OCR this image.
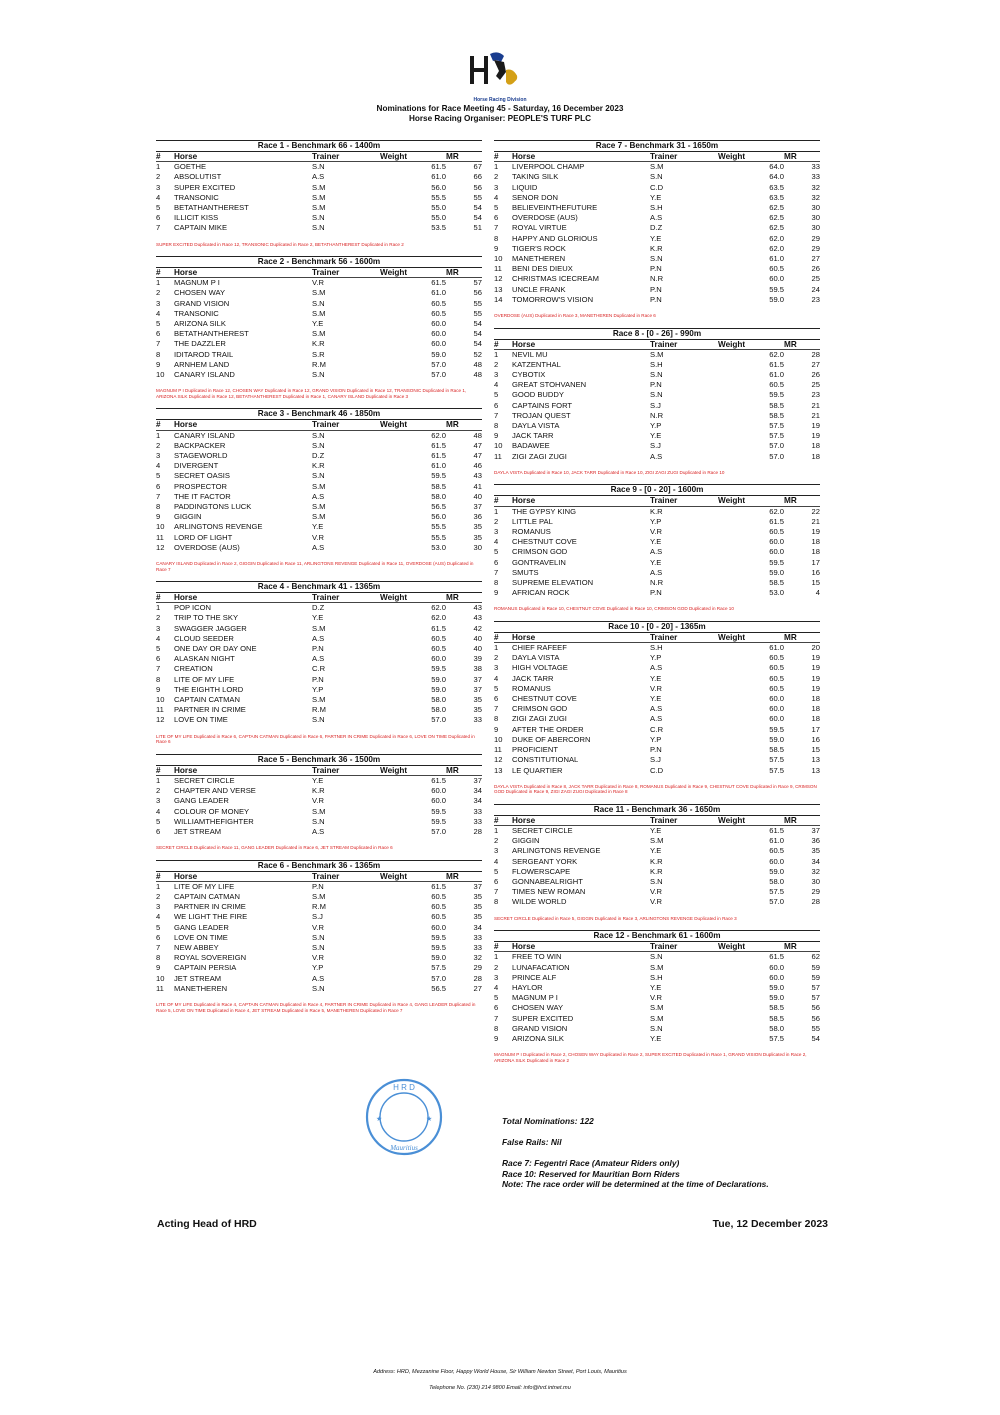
D
Horse Racing Division
Nominations for Race Meeting 45 - Saturday, 16 December 2023
Horse Racing Organiser: PEOPLE'S TURF PLC
Race 1 - Benchmark 66 - 1400m
#	Horse	Trainer	Weight	MR
1	GOETHE	S.N	61.5	67
2	ABSOLUTIST	A.S	61.0	66
3	SUPER EXCITED	S.M	56.0	56
4	TRANSONIC	S.M	55.5	55
5	BETATHANTHEREST	S.M	55.0	54
6	ILLICIT KISS	S.N	55.0	54
7	CAPTAIN MIKE	S.N	53.5	51
SUPER EXCITED Duplicated in Race 12, TRANSONIC Duplicated in Race 2, BETATHANTHEREST Duplicated in Race 2
Race 2 - Benchmark 56 - 1600m
#	Horse	Trainer	Weight	MR
1	MAGNUM P I	V.R	61.5	57
2	CHOSEN WAY	S.M	61.0	56
3	GRAND VISION	S.N	60.5	55
4	TRANSONIC	S.M	60.5	55
5	ARIZONA SILK	Y.E	60.0	54
6	BETATHANTHEREST	S.M	60.0	54
7	THE DAZZLER	K.R	60.0	54
8	IDITAROD TRAIL	S.R	59.0	52
9	ARNHEM LAND	R.M	57.0	48
10	CANARY ISLAND	S.N	57.0	48
MAGNUM P I Duplicated in Race 12, CHOSEN WAY Duplicated in Race 12, GRAND VISION Duplicated in Race 12, TRANSONIC Duplicated in Race 1, ARIZONA SILK Duplicated in Race 12, BETATHANTHEREST Duplicated in Race 1, CANARY ISLAND Duplicated in Race 3
Race 3 - Benchmark 46 - 1850m
#	Horse	Trainer	Weight	MR
1	CANARY ISLAND	S.N	62.0	48
2	BACKPACKER	S.N	61.5	47
3	STAGEWORLD	D.Z	61.5	47
4	DIVERGENT	K.R	61.0	46
5	SECRET OASIS	S.N	59.5	43
6	PROSPECTOR	S.M	58.5	41
7	THE IT FACTOR	A.S	58.0	40
8	PADDINGTONS LUCK	S.M	56.5	37
9	GIGGIN	S.M	56.0	36
10	ARLINGTONS REVENGE	Y.E	55.5	35
11	LORD OF LIGHT	V.R	55.5	35
12	OVERDOSE (AUS)	A.S	53.0	30
CANARY ISLAND Duplicated in Race 2, GIGGIN Duplicated in Race 11, ARLINGTONS REVENGE Duplicated in Race 11, OVERDOSE (AUS) Duplicated in Race 7
Race 4 - Benchmark 41 - 1365m
#	Horse	Trainer	Weight	MR
1	POP ICON	D.Z	62.0	43
2	TRIP TO THE SKY	Y.E	62.0	43
3	SWAGGER JAGGER	S.M	61.5	42
4	CLOUD SEEDER	A.S	60.5	40
5	ONE DAY OR DAY ONE	P.N	60.5	40
6	ALASKAN NIGHT	A.S	60.0	39
7	CREATION	C.R	59.5	38
8	LITE OF MY LIFE	P.N	59.0	37
9	THE EIGHTH LORD	Y.P	59.0	37
10	CAPTAIN CATMAN	S.M	58.0	35
11	PARTNER IN CRIME	R.M	58.0	35
12	LOVE ON TIME	S.N	57.0	33
LITE OF MY LIFE Duplicated in Race 6, CAPTAIN CATMAN Duplicated in Race 6, PARTNER IN CRIME Duplicated in Race 6, LOVE ON TIME Duplicated in Race 6
Race 5 - Benchmark 36 - 1500m
#	Horse	Trainer	Weight	MR
1	SECRET CIRCLE	Y.E	61.5	37
2	CHAPTER AND VERSE	K.R	60.0	34
3	GANG LEADER	V.R	60.0	34
4	COLOUR OF MONEY	S.M	59.5	33
5	WILLIAMTHEFIGHTER	S.N	59.5	33
6	JET STREAM	A.S	57.0	28
SECRET CIRCLE Duplicated in Race 11, GANG LEADER Duplicated in Race 6, JET STREAM Duplicated in Race 6
Race 6 - Benchmark 36 - 1365m
#	Horse	Trainer	Weight	MR
1	LITE OF MY LIFE	P.N	61.5	37
2	CAPTAIN CATMAN	S.M	60.5	35
3	PARTNER IN CRIME	R.M	60.5	35
4	WE LIGHT THE FIRE	S.J	60.5	35
5	GANG LEADER	V.R	60.0	34
6	LOVE ON TIME	S.N	59.5	33
7	NEW ABBEY	S.N	59.5	33
8	ROYAL SOVEREIGN	V.R	59.0	32
9	CAPTAIN PERSIA	Y.P	57.5	29
10	JET STREAM	A.S	57.0	28
11	MANETHEREN	S.N	56.5	27
LITE OF MY LIFE Duplicated in Race 4, CAPTAIN CATMAN Duplicated in Race 4, PARTNER IN CRIME Duplicated in Race 4, GANG LEADER Duplicated in Race 5, LOVE ON TIME Duplicated in Race 4, JET STREAM Duplicated in Race 5, MANETHEREN Duplicated in Race 7
Race 7 - Benchmark 31 - 1650m
#	Horse	Trainer	Weight	MR
1	LIVERPOOL CHAMP	S.M	64.0	33
2	TAKING SILK	S.N	64.0	33
3	LIQUID	C.D	63.5	32
4	SENOR DON	Y.E	63.5	32
5	BELIEVEINTHEFUTURE	S.H	62.5	30
6	OVERDOSE (AUS)	A.S	62.5	30
7	ROYAL VIRTUE	D.Z	62.5	30
8	HAPPY AND GLORIOUS	Y.E	62.0	29
9	TIGER'S ROCK	K.R	62.0	29
10	MANETHEREN	S.N	61.0	27
11	BENI DES DIEUX	P.N	60.5	26
12	CHRISTMAS ICECREAM	N.R	60.0	25
13	UNCLE FRANK	P.N	59.5	24
14	TOMORROW'S VISION	P.N	59.0	23
OVERDOSE (AUS) Duplicated in Race 3, MANETHEREN Duplicated in Race 6
Race 8 - [0 - 26] - 990m
#	Horse	Trainer	Weight	MR
1	NEVIL MU	S.M	62.0	28
2	KATZENTHAL	S.H	61.5	27
3	CYBOTIX	S.N	61.0	26
4	GREAT STOHVANEN	P.N	60.5	25
5	GOOD BUDDY	S.N	59.5	23
6	CAPTAINS FORT	S.J	58.5	21
7	TROJAN QUEST	N.R	58.5	21
8	DAYLA VISTA	Y.P	57.5	19
9	JACK TARR	Y.E	57.5	19
10	BADAWEE	S.J	57.0	18
11	ZIGI ZAGI ZUGI	A.S	57.0	18
DAYLA VISTA Duplicated in Race 10, JACK TARR Duplicated in Race 10, ZIGI ZAGI ZUGI Duplicated in Race 10
Race 9 - [0 - 20] - 1600m
#	Horse	Trainer	Weight	MR
1	THE GYPSY KING	K.R	62.0	22
2	LITTLE PAL	Y.P	61.5	21
3	ROMANUS	V.R	60.5	19
4	CHESTNUT COVE	Y.E	60.0	18
5	CRIMSON GOD	A.S	60.0	18
6	GONTRAVELIN	Y.E	59.5	17
7	SMUTS	A.S	59.0	16
8	SUPREME ELEVATION	N.R	58.5	15
9	AFRICAN ROCK	P.N	53.0	4
ROMANUS Duplicated in Race 10, CHESTNUT COVE Duplicated in Race 10, CRIMSON GOD Duplicated in Race 10
Race 10 - [0 - 20] - 1365m
#	Horse	Trainer	Weight	MR
1	CHIEF RAFEEF	S.H	61.0	20
2	DAYLA VISTA	Y.P	60.5	19
3	HIGH VOLTAGE	A.S	60.5	19
4	JACK TARR	Y.E	60.5	19
5	ROMANUS	V.R	60.5	19
6	CHESTNUT COVE	Y.E	60.0	18
7	CRIMSON GOD	A.S	60.0	18
8	ZIGI ZAGI ZUGI	A.S	60.0	18
9	AFTER THE ORDER	C.R	59.5	17
10	DUKE OF ABERCORN	Y.P	59.0	16
11	PROFICIENT	P.N	58.5	15
12	CONSTITUTIONAL	S.J	57.5	13
13	LE QUARTIER	C.D	57.5	13
DAYLA VISTA Duplicated in Race 8, JACK TARR Duplicated in Race 8, ROMANUS Duplicated in Race 9, CHESTNUT COVE Duplicated in Race 9, CRIMSON GOD Duplicated in Race 9, ZIGI ZAGI ZUGI Duplicated in Race 8
Race 11 - Benchmark 36 - 1650m
#	Horse	Trainer	Weight	MR
1	SECRET CIRCLE	Y.E	61.5	37
2	GIGGIN	S.M	61.0	36
3	ARLINGTONS REVENGE	Y.E	60.5	35
4	SERGEANT YORK	K.R	60.0	34
5	FLOWERSCAPE	K.R	59.0	32
6	GONNABEALRIGHT	S.N	58.0	30
7	TIMES NEW ROMAN	V.R	57.5	29
8	WILDE WORLD	V.R	57.0	28
SECRET CIRCLE Duplicated in Race 5, GIGGIN Duplicated in Race 3, ARLINGTONS REVENGE Duplicated in Race 3
Race 12 - Benchmark 61 - 1600m
#	Horse	Trainer	Weight	MR
1	FREE TO WIN	S.N	61.5	62
2	LUNAFACATION	S.M	60.0	59
3	PRINCE ALF	S.H	60.0	59
4	HAYLOR	Y.E	59.0	57
5	MAGNUM P I	V.R	59.0	57
6	CHOSEN WAY	S.M	58.5	56
7	SUPER EXCITED	S.M	58.5	56
8	GRAND VISION	S.N	58.0	55
9	ARIZONA SILK	Y.E	57.5	54
MAGNUM P I Duplicated in Race 2, CHOSEN WAY Duplicated in Race 2, SUPER EXCITED Duplicated in Race 1, GRAND VISION Duplicated in Race 2, ARIZONA SILK Duplicated in Race 2
H R D
Mauritius
★	★	Total Nominations: 122
False Rails: Nil
Race 7: Fegentri Race (Amateur Riders only)
Race 10: Reserved for Mauritian Born Riders
Note: The race order will be determined at the time of Declarations.
Acting Head of HRD	Tue, 12 December 2023
Address: HRD, Mezzanine Floor, Happy World House, Sir William Newton Street, Port Louis, Mauritius
Telephone No. (230) 214 9800 Email: info@hrd.intnet.mu
